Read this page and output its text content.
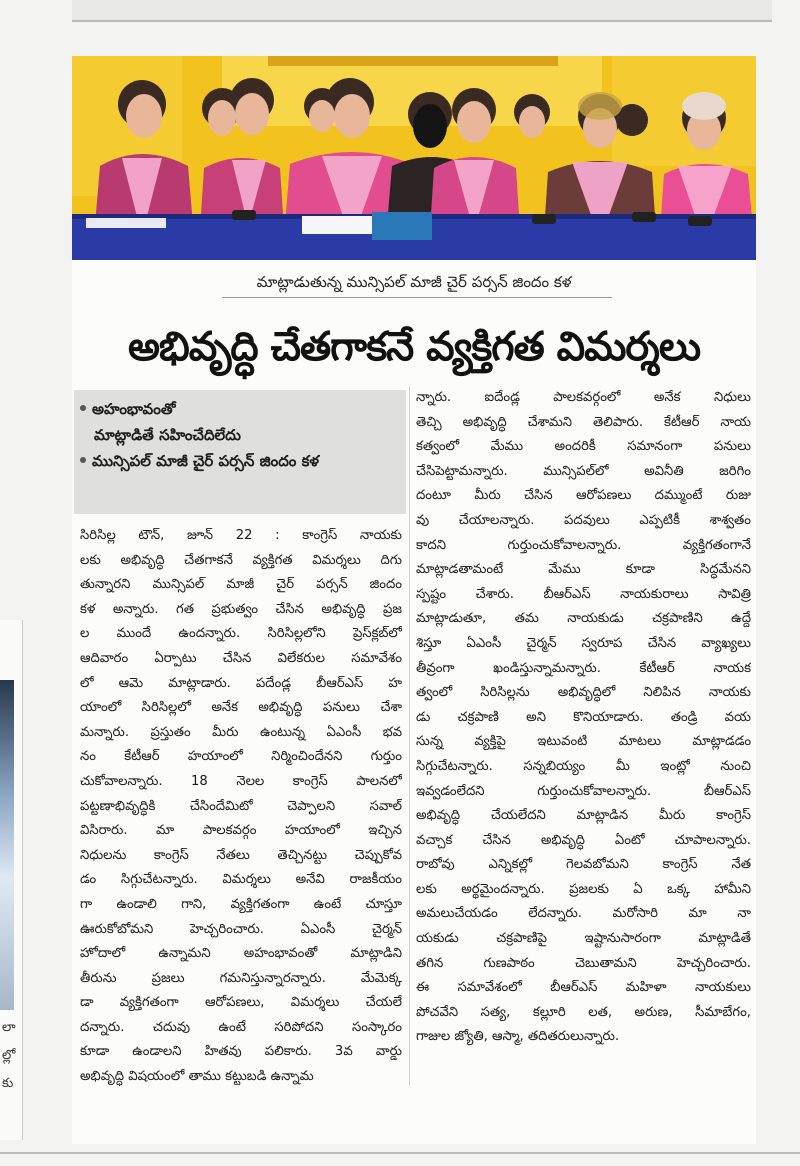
లా
ల్లో
కు
మాట్లాడుతున్న మున్సిపల్ మాజీ చైర్ పర్సన్ జిందం కళ
అభివృద్ధి చేతగాకనే వ్యక్తిగత విమర్శలు
అహంభావంతో
మాట్లాడితే సహించేదిలేదు
మున్సిపల్ మాజీ చైర్ పర్సన్ జిందం కళ
సిరిసిల్ల టౌన్, జూన్ 22 : కాంగ్రెస్ నాయకు
లకు అభివృద్ధి చేతగాకనే వ్యక్తిగత విమర్శలు దిగు
తున్నారని మున్సిపల్ మాజీ చైర్ పర్సన్ జిందం
కళ అన్నారు. గత ప్రభుత్వం చేసిన అభివృద్ధి ప్రజ
ల ముందే ఉందన్నారు. సిరిసిల్లలోని ప్రెస్‌క్లబ్‌లో
ఆదివారం ఏర్పాటు చేసిన విలేకరుల సమావేశం
లో ఆమె మాట్లాడారు. పదేండ్ల బీఆర్‌ఎస్ హ
యాంలో సిరిసిల్లలో అనేక అభివృద్ధి పనులు చేశా
మన్నారు. ప్రస్తుతం మీరు ఉంటున్న ఏఎంసీ భవ
నం కేటీఆర్ హయాంలో నిర్మించిందేనని గుర్తుం
చుకోవాలన్నారు. 18 నెలల కాంగ్రెస్ పాలనలో
పట్టణాభివృద్ధికి చేసిందేమిటో చెప్పాలని సవాల్
విసిరారు. మా పాలకవర్గం హయాంలో ఇచ్చిన
నిధులను కాంగ్రెస్ నేతలు తెచ్చినట్టు చెప్పుకోవ
డం సిగ్గుచేటన్నారు. విమర్శలు అనేవి రాజకీయం
గా ఉండాలి గాని, వ్యక్తిగతంగా ఉంటే చూస్తూ
ఊరుకోబోమని హెచ్చరించారు. ఏఎంసీ చైర్మన్
హోదాలో ఉన్నామని అహంభావంతో మాట్లాడిని
తీరును ప్రజలు గమనిస్తున్నారన్నారు. మేమెక్క
డా వ్యక్తిగతంగా ఆరోపణలు, విమర్శలు చేయలే
దన్నారు. చదువు ఉంటే సరిపోదని సంస్కారం
కూడా ఉండాలని హితవు పలికారు. 3వ వార్డు
అభివృద్ధి విషయంలో తాము కట్టుబడి ఉన్నామ
న్నారు. ఐదేండ్ల పాలకవర్గంలో అనేక నిధులు
తెచ్చి అభివృద్ధి చేశామని తెలిపారు. కేటీఆర్ నాయ
కత్వంలో మేము అందరికీ సమానంగా పనులు
చేసిపెట్టామన్నారు. మున్సిపల్‌లో అవినీతి జరిగిం
దంటూ మీరు చేసిన ఆరోపణలు దమ్ముంటే రుజు
వు చేయాలన్నారు. పదవులు ఎప్పటికీ శాశ్వతం
కాదని గుర్తుంచుకోవాలన్నారు. వ్యక్తిగతంగానే
మాట్లాడతామంటే మేము కూడా సిద్ధమేనని
స్పష్టం చేశారు. బీఆర్‌ఎస్ నాయకురాలు సావిత్రి
మాట్లాడుతూ, తమ నాయకుడు చక్రపాణిని ఉద్దే
శిస్తూ ఏఎంసీ చైర్మన్ స్వరూప చేసిన వ్యాఖ్యలు
తీవ్రంగా ఖండిస్తున్నామన్నారు. కేటీఆర్ నాయక
త్వంలో సిరిసిల్లను అభివృద్ధిలో నిలిపిన నాయకు
డు చక్రపాణి అని కొనియాడారు. తండ్రి వయ
సున్న వ్యక్తిపై ఇటువంటి మాటలు మాట్లాడడం
సిగ్గుచేటన్నారు. సన్నబియ్యం మీ ఇంట్లో నుంచి
ఇవ్వడంలేదని గుర్తుంచుకోవాలన్నారు. బీఆర్‌ఎస్
అభివృద్ధి చేయలేదని మాట్లాడిన మీరు కాంగ్రెస్
వచ్చాక చేసిన అభివృద్ధి ఏంటో చూపాలన్నారు.
రాబోవు ఎన్నికల్లో గెలవబోమని కాంగ్రెస్ నేత
లకు అర్థమైందన్నారు. ప్రజలకు ఏ ఒక్క హామీని
అమలుచేయడం లేదన్నారు. మరోసారి మా నా
యకుడు చక్రపాణిపై ఇష్టానుసారంగా మాట్లాడితే
తగిన గుణపాఠం చెబుతామని హెచ్చరించారు.
ఈ సమావేశంలో బీఆర్‌ఎస్ మహిళా నాయకులు
పోచవేని సత్య, కల్లూరి లత, అరుణ, సీమాబేగం,
గాజుల జ్యోతి, ఆస్మా, తదితరులున్నారు.
